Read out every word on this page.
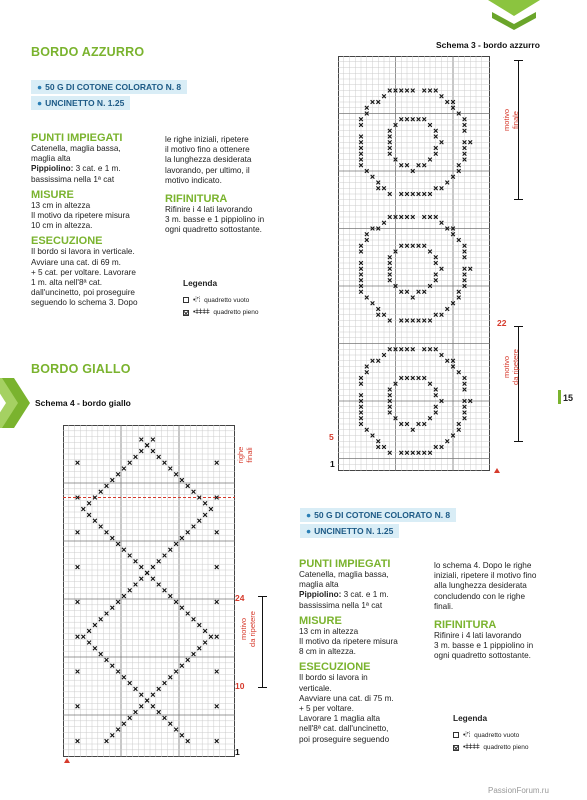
BORDO AZZURRO
● 50 G DI COTONE COLORATO N. 8
● UNCINETTO N. 1.25
PUNTI IMPIEGATI
Catenella, maglia bassa,
maglia alta
Pippiolino: 3 cat. e 1 m.
bassissima nella 1ª cat
MISURE
13 cm in altezza
Il motivo da ripetere misura
10 cm in altezza.
ESECUZIONE
Il bordo si lavora in verticale.
Avviare una cat. di 69 m.
+ 5 cat. per voltare. Lavorare
1 m. alta nell'8ª cat.
dall'uncinetto, poi proseguire
seguendo lo schema 3. Dopo
le righe iniziali, ripetere
il motivo fino a ottenere
la lunghezza desiderata
lavorando, per ultimo, il
motivo indicato.
RIFINITURA
Rifinire i 4 lati lavorando
3 m. basse e 1 pippiolino in
ogni quadretto sottostante.
Legenda
•⁞ᐪ⁞ quadretto vuoto
•ǂǂǂǂ quadretto pieno
Schema 3 - bordo azzurro
22
5
1
motivo
finale
motivo
da ripetere
15
BORDO GIALLO
Schema 4 - bordo giallo
righe
finali
motivo
da ripetere
24
10
1
● 50 G DI COTONE COLORATO N. 8
● UNCINETTO N. 1.25
PUNTI IMPIEGATI
Catenella, maglia bassa,
maglia alta
Pippiolino: 3 cat. e 1 m.
bassissima nella 1ª cat
MISURE
13 cm in altezza
Il motivo da ripetere misura
8 cm in altezza.
ESECUZIONE
Il bordo si lavora in
verticale.
Aavviare una cat. di 75 m.
+ 5 per voltare.
Lavorare 1 maglia alta
nell'8ª cat. dall'uncinetto,
poi proseguire seguendo
lo schema 4. Dopo le righe
iniziali, ripetere il motivo fino
alla lunghezza desiderata
concludendo con le righe
finali.
RIFINITURA
Rifinire i 4 lati lavorando
3 m. basse e 1 pippiolino in
ogni quadretto sottostante.
Legenda
•⁞ᐪ⁞ quadretto vuoto
•ǂǂǂǂ quadretto pieno
PassionForum.ru
